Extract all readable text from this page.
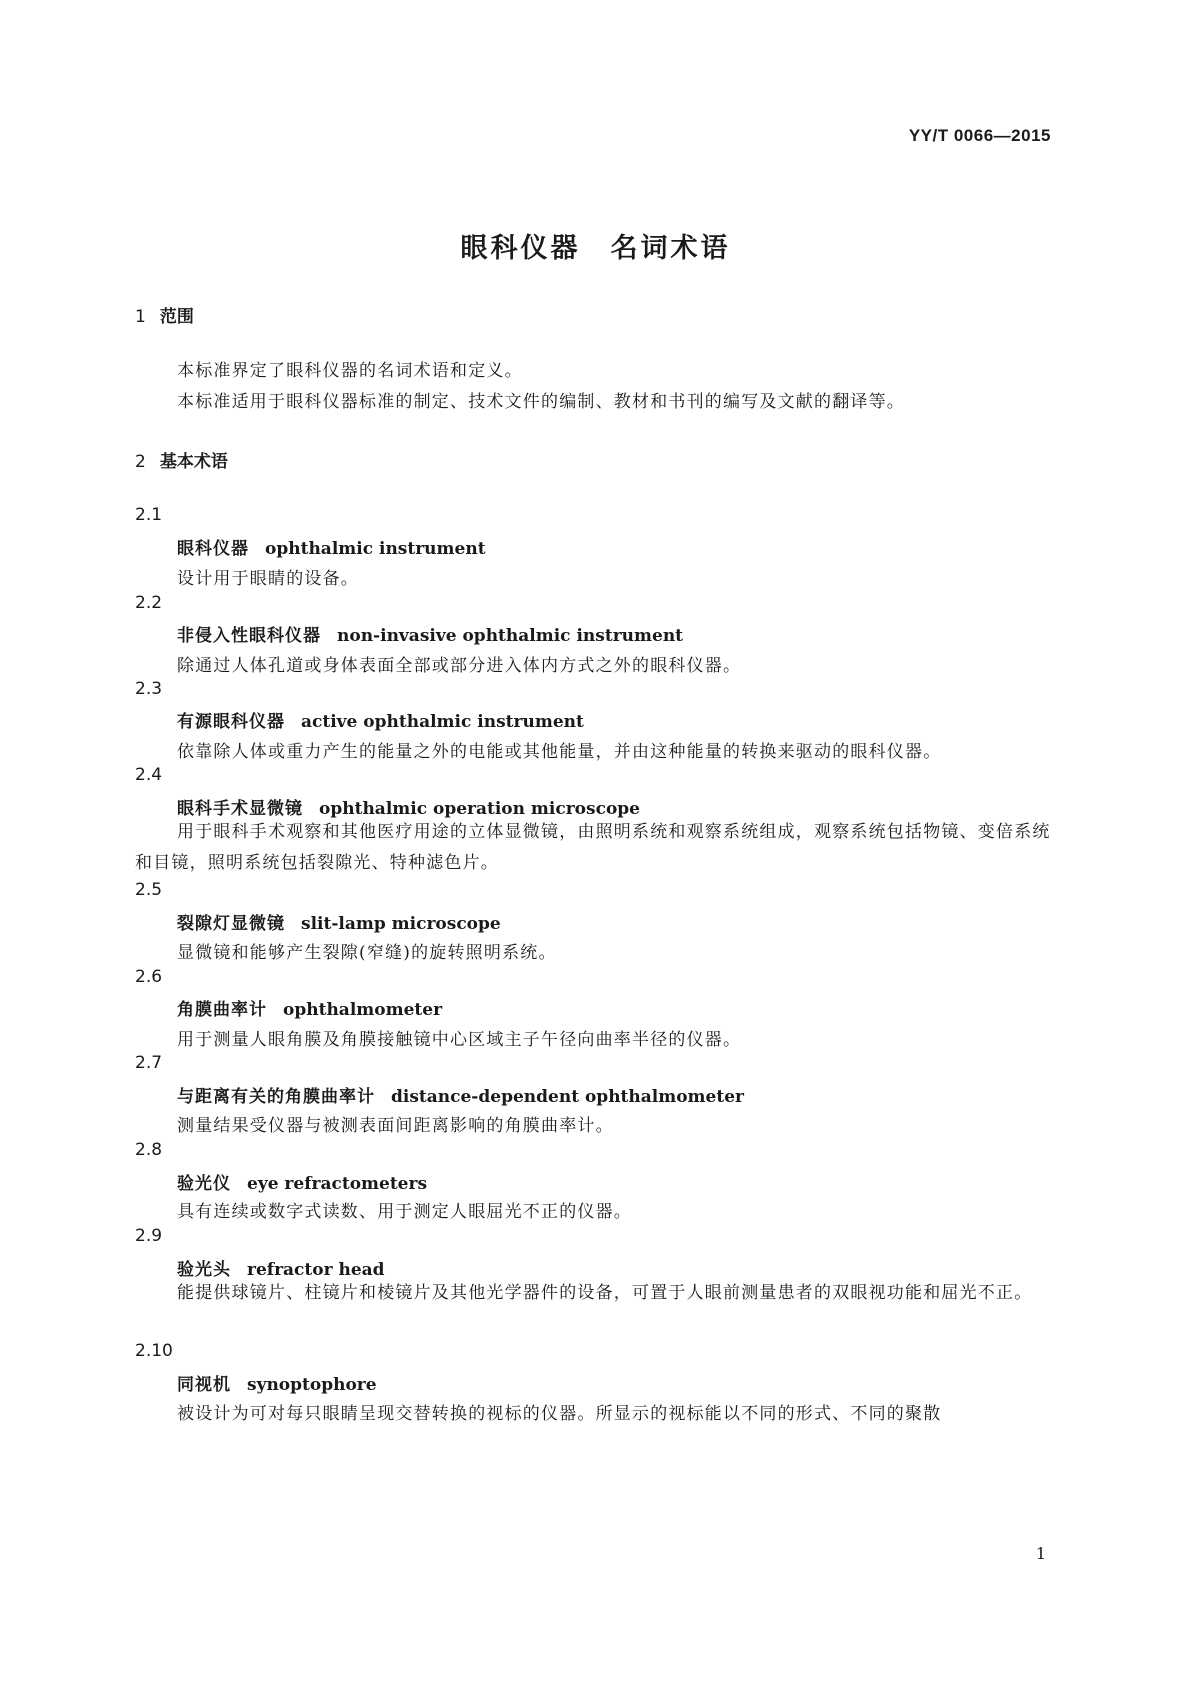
YY/T 0066—2015
眼科仪器　名词术语
1 范围
本标准界定了眼科仪器的名词术语和定义。
本标准适用于眼科仪器标准的制定、技术文件的编制、教材和书刊的编写及文献的翻译等。
2 基本术语
2.1
眼科仪器 ophthalmic instrument
设计用于眼睛的设备。
2.2
非侵入性眼科仪器 non-invasive ophthalmic instrument
除通过人体孔道或身体表面全部或部分进入体内方式之外的眼科仪器。
2.3
有源眼科仪器 active ophthalmic instrument
依靠除人体或重力产生的能量之外的电能或其他能量，并由这种能量的转换来驱动的眼科仪器。
2.4
眼科手术显微镜 ophthalmic operation microscope
用于眼科手术观察和其他医疗用途的立体显微镜，由照明系统和观察系统组成，观察系统包括物镜、变倍系统和目镜，照明系统包括裂隙光、特种滤色片。
2.5
裂隙灯显微镜 slit-lamp microscope
显微镜和能够产生裂隙(窄缝)的旋转照明系统。
2.6
角膜曲率计 ophthalmometer
用于测量人眼角膜及角膜接触镜中心区域主子午径向曲率半径的仪器。
2.7
与距离有关的角膜曲率计 distance-dependent ophthalmometer
测量结果受仪器与被测表面间距离影响的角膜曲率计。
2.8
验光仪 eye refractometers
具有连续或数字式读数、用于测定人眼屈光不正的仪器。
2.9
验光头 refractor head
能提供球镜片、柱镜片和棱镜片及其他光学器件的设备，可置于人眼前测量患者的双眼视功能和屈光不正。
2.10
同视机 synoptophore
被设计为可对每只眼睛呈现交替转换的视标的仪器。所显示的视标能以不同的形式、不同的聚散
1
